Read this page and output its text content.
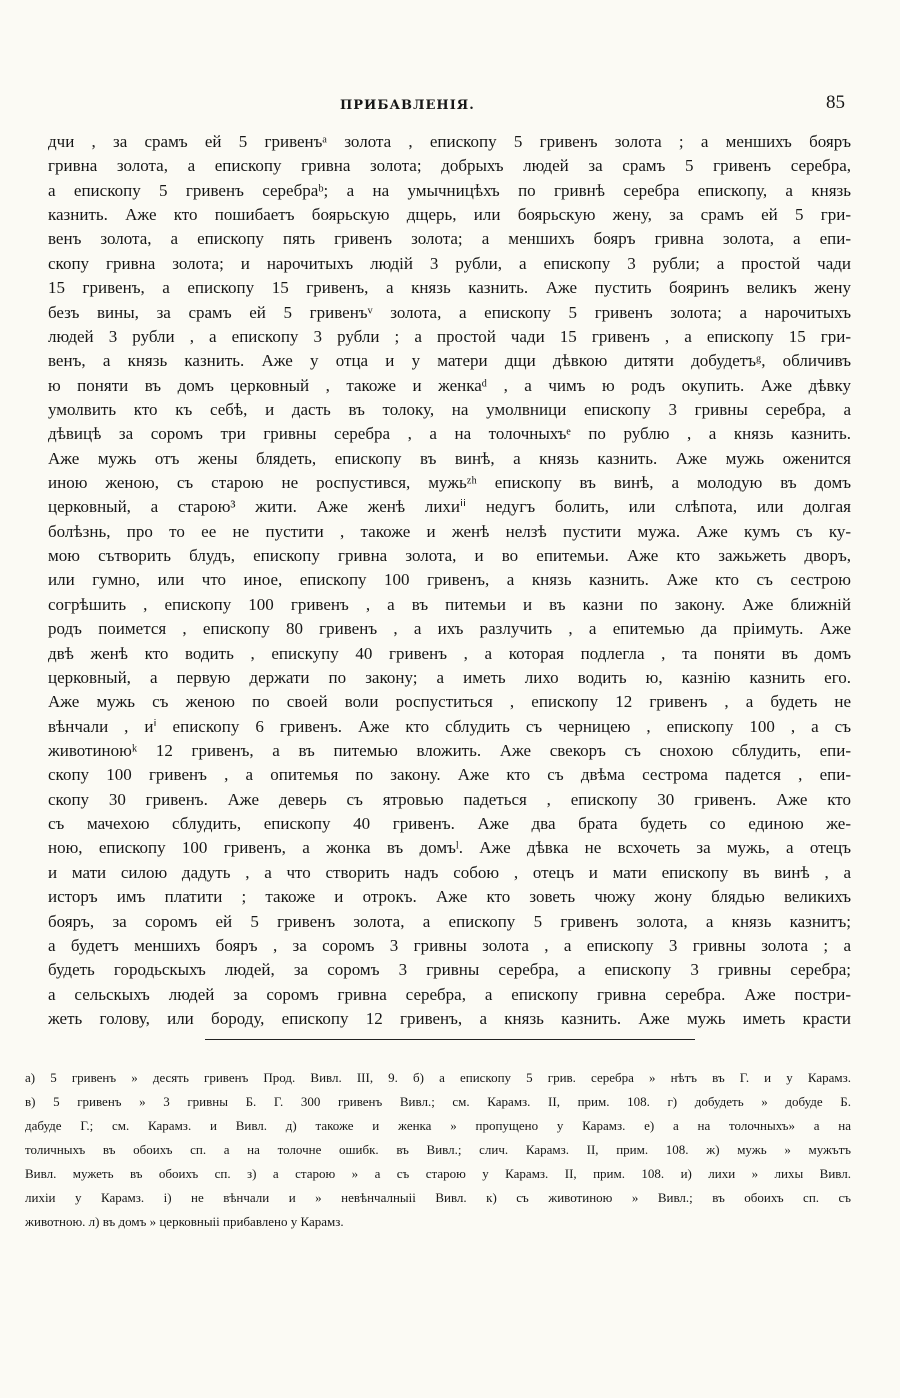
ПРИБАВЛЕНІЯ.	85
дчи , за срамъ ей 5 гривенъᵃ золота , епископу 5 гривенъ золота ; а меншихъ бояръ
гривна золота, а епископу гривна золота; добрыхъ людей за срамъ 5 гривенъ серебра,
а епископу 5 гривенъ серебраᵇ; а на умычницѣхъ по гривнѣ серебра епископу, а князь
казнить. Аже кто пошибаетъ боярьскую дщерь, или боярьскую жену, за срамъ ей 5 гри-
венъ золота, а епископу пять гривенъ золота; а меншихъ бояръ гривна золота, а епи-
скопу гривна золота; и нарочитыхъ людій 3 рубли, а епископу 3 рубли; а простой чади
15 гривенъ, а епископу 15 гривенъ, а князь казнить. Аже пустить бояринъ великъ жену
безъ вины, за срамъ ей 5 гривенъᵛ золота, а епископу 5 гривенъ золота; а нарочитыхъ
людей 3 рубли , а епископу 3 рубли ; а простой чади 15 гривенъ , а епископу 15 гри-
венъ, а князь казнить. Аже у отца и у матери дщи дѣвкою дитяти добудетъᵍ, обличивъ
ю поняти въ домъ церковный , такоже и женкаᵈ , а чимъ ю родъ окупить. Аже дѣвку
умолвить кто къ себѣ, и дасть въ толоку, на умолвници епископу 3 гривны серебра, а
дѣвицѣ за соромъ три гривны серебра , а на толочныхъᵉ по рублю , а князь казнить.
Аже мужь отъ жены блядеть, епископу въ винѣ, а князь казнить. Аже мужь оженится
иною женою, съ старою не роспустився, мужьᶻʰ епископу въ винѣ, а молодую въ домъ
церковный, а старою³ жити. Аже женѣ лихиⁱⁱ недугъ болить, или слѣпота, или долгая
болѣзнь, про то ее не пустити , такоже и женѣ нелзѣ пустити мужа. Аже кумъ съ ку-
мою сътворить блудъ, епископу гривна золота, и во епитемьи. Аже кто зажьжеть дворъ,
или гумно, или что иное, епископу 100 гривенъ, а князь казнить. Аже кто съ сестрою
согрѣшить , епископу 100 гривенъ , а въ питемьи и въ казни по закону. Аже ближній
родъ поимется , епископу 80 гривенъ , а ихъ разлучить , а епитемью да пріимуть. Аже
двѣ женѣ кто водить , епискупу 40 гривенъ , а которая подлегла , та поняти въ домъ
церковный, а первую держати по закону; а иметь лихо водить ю, казнію казнить его.
Аже мужь съ женою по своей воли роспуститься , епископу 12 гривенъ , а будеть не
вѣнчали , иⁱ епископу 6 гривенъ. Аже кто сблудить съ черницею , епископу 100 , а съ
животиноюᵏ 12 гривенъ, а въ питемью вложить. Аже свекоръ съ снохою сблудить, епи-
скопу 100 гривенъ , а опитемья по закону. Аже кто съ двѣма сестрома падется , епи-
скопу 30 гривенъ. Аже деверь съ ятровью падеться , епископу 30 гривенъ. Аже кто
съ мачехою сблудить, епископу 40 гривенъ. Аже два брата будеть со единою же-
ною, епископу 100 гривенъ, а жонка въ домъˡ. Аже дѣвка не всхочеть за мужь, а отецъ
и мати силою дадуть , а что створить надъ собою , отецъ и мати епископу въ винѣ , а
исторъ имъ платити ; такоже и отрокъ. Аже кто зоветь чюжу жону блядью великихъ
бояръ, за соромъ ей 5 гривенъ золота, а епископу 5 гривенъ золота, а князь казнитъ;
а будетъ меншихъ бояръ , за соромъ 3 гривны золота , а епископу 3 гривны золота ; а
будеть городьскыхъ людей, за соромъ 3 гривны серебра, а епископу 3 гривны серебра;
а сельскыхъ людей за соромъ гривна серебра, а епископу гривна серебра. Аже постри-
жеть голову, или бороду, епископу 12 гривенъ, а князь казнить. Аже мужь иметь красти
а) 5 гривенъ » десять гривенъ Прод. Вивл. III, 9. б) а епископу 5 грив. серебра » нѣтъ въ Г. и у Карамз.
в) 5 гривенъ » 3 гривны Б. Г. 300 гривенъ Вивл.; см. Карамз. II, прим. 108. г) добудеть » добуде Б.
дабуде Г.; см. Карамз. и Вивл. д) такоже и женка » пропущено у Карамз. е) а на толочныхъ» а на
толичныхъ въ обоихъ сп. а на толочне ошибк. въ Вивл.; слич. Карамз. II, прим. 108. ж) мужь » мужътъ
Вивл. мужеть въ обоихъ сп. з) а старою » а съ старою у Карамз. II, прим. 108. и) лихи » лихы Вивл.
лихіи у Карамз. і) не вѣнчали и » невѣнчалныіі Вивл. к) съ животиною » Вивл.; въ обоихъ сп. съ
животною. л) въ домъ » церковныіі прибавлено у Карамз.
